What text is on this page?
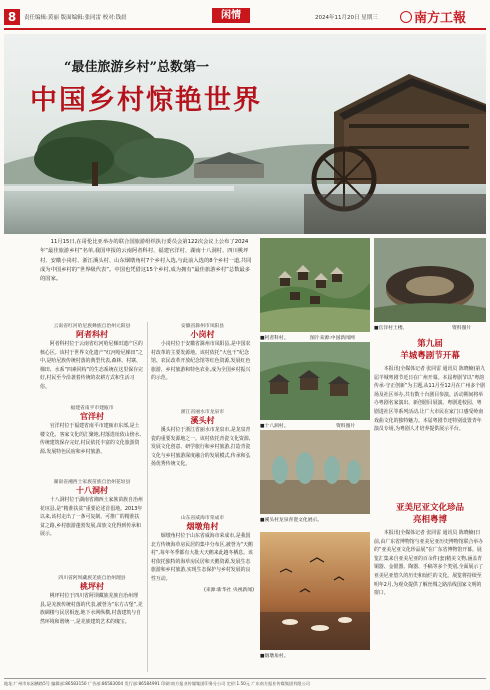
8	责任编辑:黄丽 版面编辑:张同雷 校对:钱晨	闲情	2024年11月20日 星期三	南方工報
“最佳旅游乡村”总数第一
中国乡村惊艳世界
11月15日,在哥伦比亚举办的联合国旅游组织执行委员会第122次会议上公布了2024年“最佳旅游乡村”名单,我国申报的云南阿者科村、福建官洋村、湖南十八洞村、四川桃坪村、安徽小岗村、浙江溪头村、山东烟墩角村7个乡村入选,与此前入选的8个乡村一道,共同成为中国乡村的“世界级代表”。中国也凭借这15个乡村,成为拥有“最佳旅游乡村”总数最多的国家。
云南省红河哈尼族彝族自治州元阳县
阿者科村
阿者科村位于云南省红河哈尼梯田遗产区的核心区。该村于世界文化遗产“红河哈尼梯田”之中,是哈尼族传统村落的典型代表,森林、村寨、梯田、水系“四素同构”的生态系统在这里保存完好,村民至今沿袭着传统的农耕方式和生活习俗。
福建省南平市建瓯市
官洋村
官洋村位于福建省南平市建瓯市东部,是土楼文化、客家文化的汇聚地,村落选址依山傍水,传统建筑保存完好,村民依托丰富的文化旅游资源,发展特色民宿和乡村旅游。
湖南省湘西土家族苗族自治州花垣县
十八洞村
十八洞村位于湖南省湘西土家族苗族自治州花垣县,是“精准扶贫”重要论述首倡地。2013年以来,该村走出了一条可复制、可推广的精准扶贫之路,乡村旅游蓬勃发展,苗族文化得到传承和展示。
四川省阿坝藏族羌族自治州理县
桃坪村
桃坪村位于四川省阿坝藏族羌族自治州理县,是羌族传统村落的代表,被誉为“东方古堡”,羌族碉楼与民居相连,地下水网纵横,村落建筑与自然环境和谐统一,是羌族建筑艺术的瑰宝。
安徽省滁州市凤阳县
小岗村
小岗村位于安徽省滁州市凤阳县,是中国农村改革的主要发源地。该村依托“大包干”纪念馆、农民改革开放纪念馆等红色资源,发展红色旅游、乡村旅游和特色农业,成为全国乡村振兴的示范。
浙江省丽水市龙泉市
溪头村
溪头村位于浙江省丽水市龙泉市,是龙泉青瓷的重要发源地之一。该村依托青瓷文化资源,发展文化创意、研学旅行和乡村旅游,打造青瓷文化与乡村旅游深度融合的发展模式,传承和弘扬优秀传统文化。
山东省威海市荣成市
烟墩角村
烟墩角村位于山东省威海市荣成市,是我国北方传统海草房民居的集中分布区,被誉为“天鹅村”,每年冬季都有大批大天鹅来此越冬栖息。该村依托独特的海草房民居和天鹅资源,发展生态旅游和乡村旅游,实现生态保护与乡村发展的良性互动。
(来源:新华社 央视新闻)
■阿者科村。	图片来源:中国新闻网
■十八洞村。	资料图片
■溪头村龙泉青瓷文化展示。
■烟墩角村。
■官洋村土楼。	资料图片
第九届
羊城粤剧节开幕
本报讯(全媒体记者 张同雷 通讯员 陈晓楠)第九届羊城粤剧节近日在广州开幕。本届粤剧节以“粤韵传承·守正创新”为主题,从11月至12月在广州多个剧场及社区举办,共有数十台剧目参演。活动期间将举办粤剧名家演出、新创剧目展演、粤剧进校园、粤剧进社区等系列活动,让广大市民在家门口感受岭南戏曲文化的独特魅力。本届粤剧节还特别设置青年演员专场,为粤剧人才培养提供展示平台。
亚美尼亚文化珍品
亮相粤博
本报讯(全媒体记者 张同雷 通讯员 陈晓楠)日前,由广东省博物馆与亚美尼亚历史博物馆联合举办的“亚美尼亚文化珍品展”在广东省博物馆开幕。展览汇集来自亚美尼亚的百余件(套)精美文物,涵盖青铜器、金银器、陶器、手稿等多个类别,全面展示了亚美尼亚悠久的历史和灿烂的文化。展览将持续至明年2月,为观众提供了解丝绸之路沿线国家文明的窗口。
地址:广州市东园横路5号 编辑部:86583150 广告部:86583004 发行部:86584991 印刷:南方报业传媒集团印务分公司 定价:1.50元 广东南方报业传媒集团有限公司
